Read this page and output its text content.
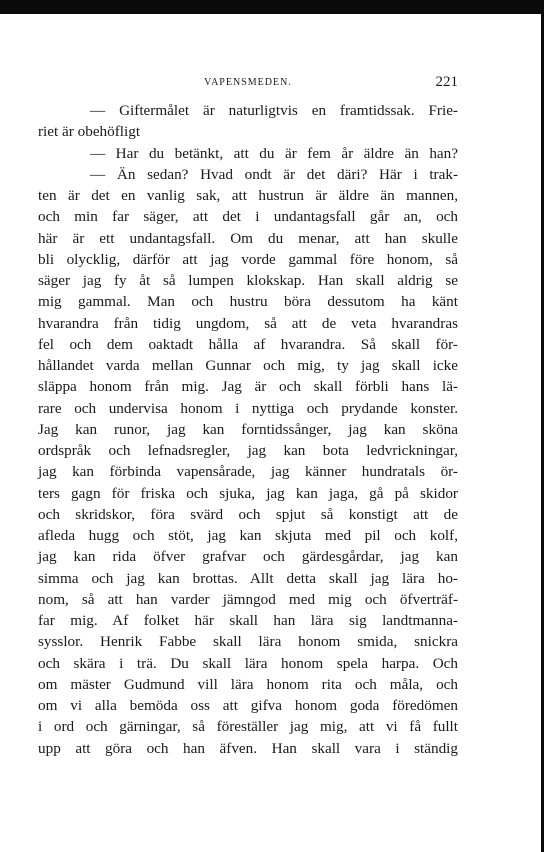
VAPENSMEDEN.	221
— Giftermålet är naturligtvis en framtidssak. Frie-
riet är obehöfligt
— Har du betänkt, att du är fem år äldre än han?
— Än sedan? Hvad ondt är det däri? Här i trak-
ten är det en vanlig sak, att hustrun är äldre än mannen,
och min far säger, att det i undantagsfall går an, och
här är ett undantagsfall. Om du menar, att han skulle
bli olycklig, därför att jag vorde gammal före honom, så
säger jag fy åt så lumpen klokskap. Han skall aldrig se
mig gammal. Man och hustru böra dessutom ha känt
hvarandra från tidig ungdom, så att de veta hvarandras
fel och dem oaktadt hålla af hvarandra. Så skall för-
hållandet varda mellan Gunnar och mig, ty jag skall icke
släppa honom från mig. Jag är och skall förbli hans lä-
rare och undervisa honom i nyttiga och prydande konster.
Jag kan runor, jag kan forntidssånger, jag kan sköna
ordspråk och lefnadsregler, jag kan bota ledvrickningar,
jag kan förbinda vapensårade, jag känner hundratals ör-
ters gagn för friska och sjuka, jag kan jaga, gå på skidor
och skridskor, föra svärd och spjut så konstigt att de
afleda hugg och stöt, jag kan skjuta med pil och kolf,
jag kan rida öfver grafvar och gärdesgårdar, jag kan
simma och jag kan brottas. Allt detta skall jag lära ho-
nom, så att han varder jämngod med mig och öfverträf-
far mig. Af folket här skall han lära sig landtmanna-
sysslor. Henrik Fabbe skall lära honom smida, snickra
och skära i trä. Du skall lära honom spela harpa. Och
om mäster Gudmund vill lära honom rita och måla, och
om vi alla bemöda oss att gifva honom goda föredömen
i ord och gärningar, så föreställer jag mig, att vi få fullt
upp att göra och han äfven. Han skall vara i ständig
